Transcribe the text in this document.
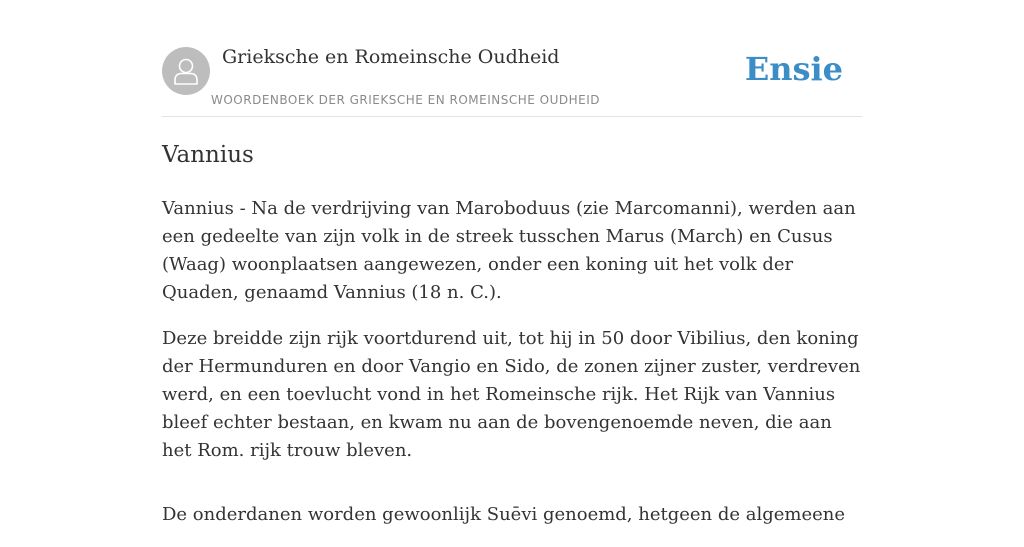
Grieksche en Romeinsche Oudheid
WOORDENBOEK DER GRIEKSCHE EN ROMEINSCHE OUDHEID
Ensie
Vannius

Vannius - Na de verdrijving van Maroboduus (zie Marcomanni), werden aan een gedeelte van zijn volk in de streek tusschen Marus (March) en Cusus (Waag) woonplaatsen aangewezen, onder een koning uit het volk der Quaden, genaamd Vannius (18 n. C.).

Deze breidde zijn rijk voortdurend uit, tot hij in 50 door Vibilius, den koning der Hermunduren en door Vangio en Sido, de zonen zijner zuster, verdreven werd, en een toevlucht vond in het Romeinsche rijk. Het Rijk van Vannius bleef echter bestaan, en kwam nu aan de bovengenoemde neven, die aan het Rom. rijk trouw bleven.

De onderdanen worden gewoonlijk Suēvi genoemd, hetgeen de algemeene
